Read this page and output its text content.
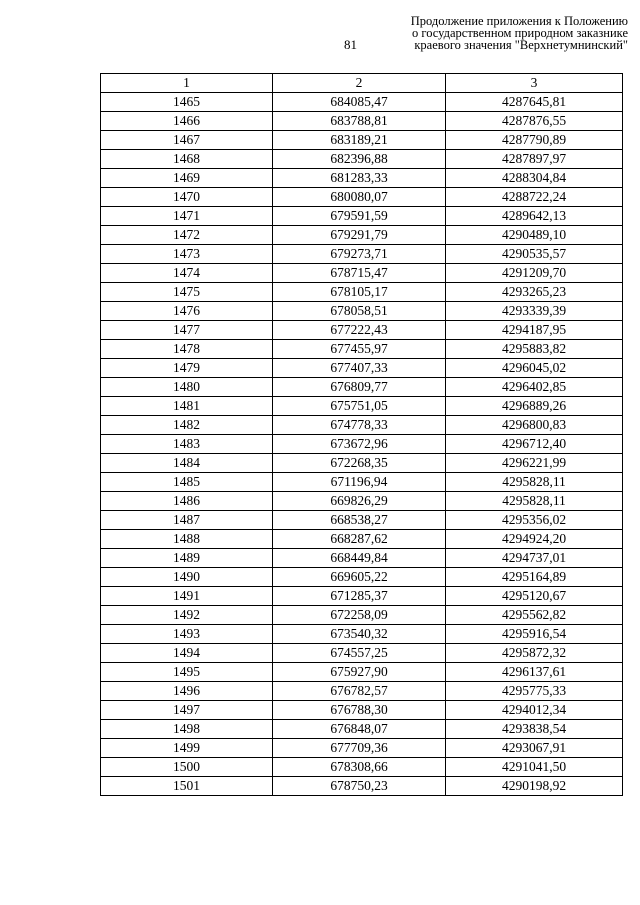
81
Продолжение приложения к Положению
о государственном природном заказнике
краевого значения "Верхнетумнинский"
1	2	3
1465	684085,47	4287645,81
1466	683788,81	4287876,55
1467	683189,21	4287790,89
1468	682396,88	4287897,97
1469	681283,33	4288304,84
1470	680080,07	4288722,24
1471	679591,59	4289642,13
1472	679291,79	4290489,10
1473	679273,71	4290535,57
1474	678715,47	4291209,70
1475	678105,17	4293265,23
1476	678058,51	4293339,39
1477	677222,43	4294187,95
1478	677455,97	4295883,82
1479	677407,33	4296045,02
1480	676809,77	4296402,85
1481	675751,05	4296889,26
1482	674778,33	4296800,83
1483	673672,96	4296712,40
1484	672268,35	4296221,99
1485	671196,94	4295828,11
1486	669826,29	4295828,11
1487	668538,27	4295356,02
1488	668287,62	4294924,20
1489	668449,84	4294737,01
1490	669605,22	4295164,89
1491	671285,37	4295120,67
1492	672258,09	4295562,82
1493	673540,32	4295916,54
1494	674557,25	4295872,32
1495	675927,90	4296137,61
1496	676782,57	4295775,33
1497	676788,30	4294012,34
1498	676848,07	4293838,54
1499	677709,36	4293067,91
1500	678308,66	4291041,50
1501	678750,23	4290198,92
